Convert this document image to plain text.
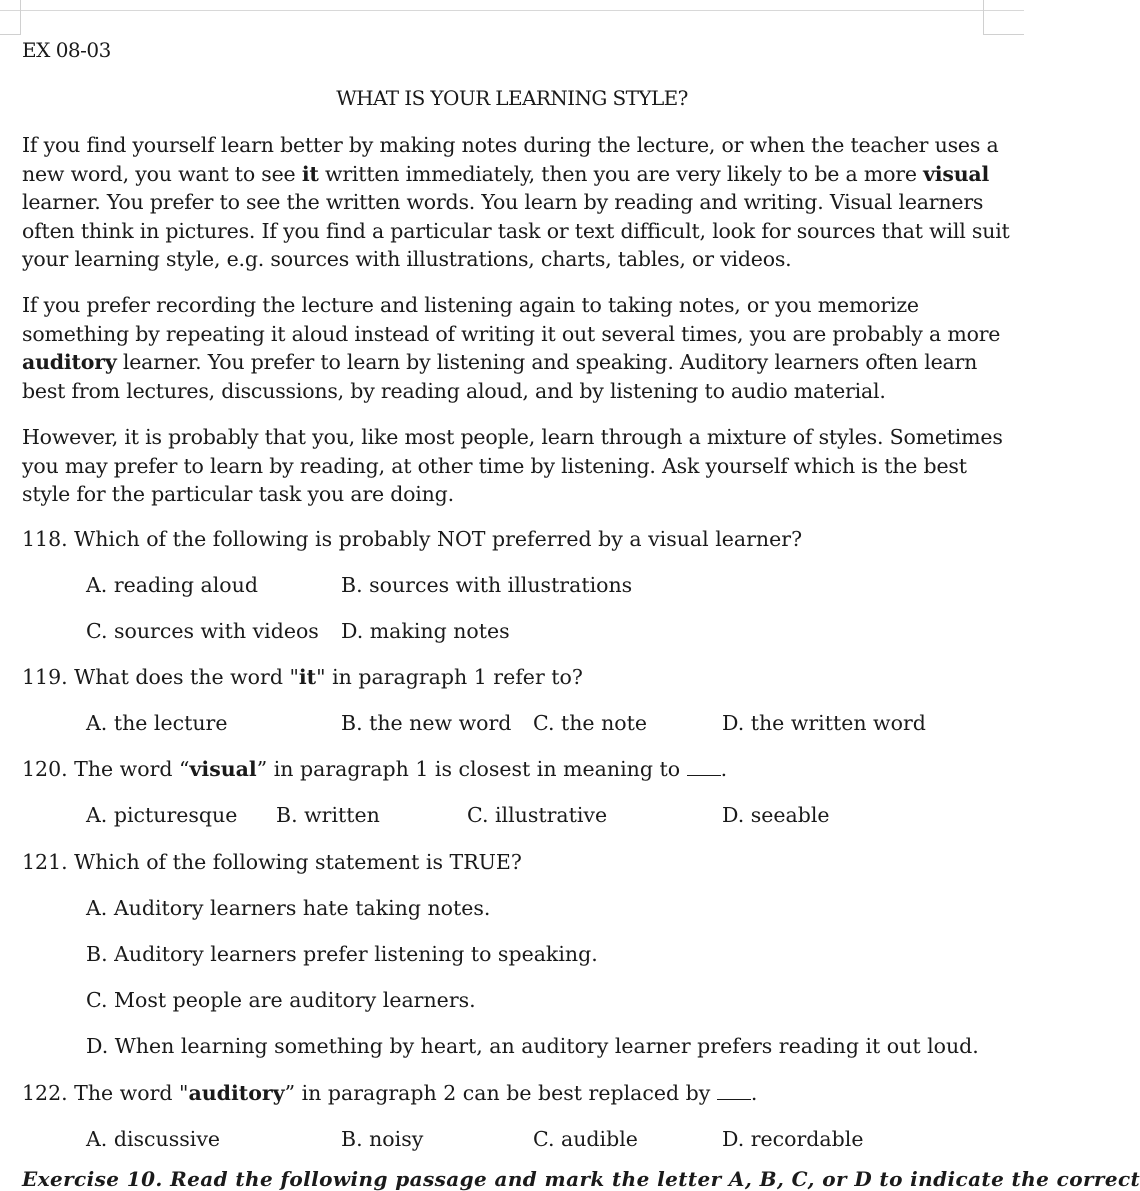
EX 08-03
WHAT IS YOUR LEARNING STYLE?
If you find yourself learn better by making notes during the lecture, or when the teacher uses a
new word, you want to see it written immediately, then you are very likely to be a more visual
learner. You prefer to see the written words. You learn by reading and writing. Visual learners
often think in pictures. If you find a particular task or text difficult, look for sources that will suit
your learning style, e.g. sources with illustrations, charts, tables, or videos.
If you prefer recording the lecture and listening again to taking notes, or you memorize
something by repeating it aloud instead of writing it out several times, you are probably a more
auditory learner. You prefer to learn by listening and speaking. Auditory learners often learn
best from lectures, discussions, by reading aloud, and by listening to audio material.
However, it is probably that you, like most people, learn through a mixture of styles. Sometimes
you may prefer to learn by reading, at other time by listening. Ask yourself which is the best
style for the particular task you are doing.
118. Which of the following is probably NOT preferred by a visual learner?
A. reading aloud	B. sources with illustrations
C. sources with videos D. making notes
119. What does the word "it" in paragraph 1 refer to?
A. the lecture	B. the new word C. the note	D. the written word
120. The word “visual” in paragraph 1 is closest in meaning to .
A. picturesque B. written	C. illustrative	D. seeable
121. Which of the following statement is TRUE?
A. Auditory learners hate taking notes.
B. Auditory learners prefer listening to speaking.
C. Most people are auditory learners.
D. When learning something by heart, an auditory learner prefers reading it out loud.
122. The word "auditory” in paragraph 2 can be best replaced by .
A. discussive	B. noisy	C. audible	D. recordable
Exercise 10. Read the following passage and mark the letter A, B, C, or D to indicate the correct
